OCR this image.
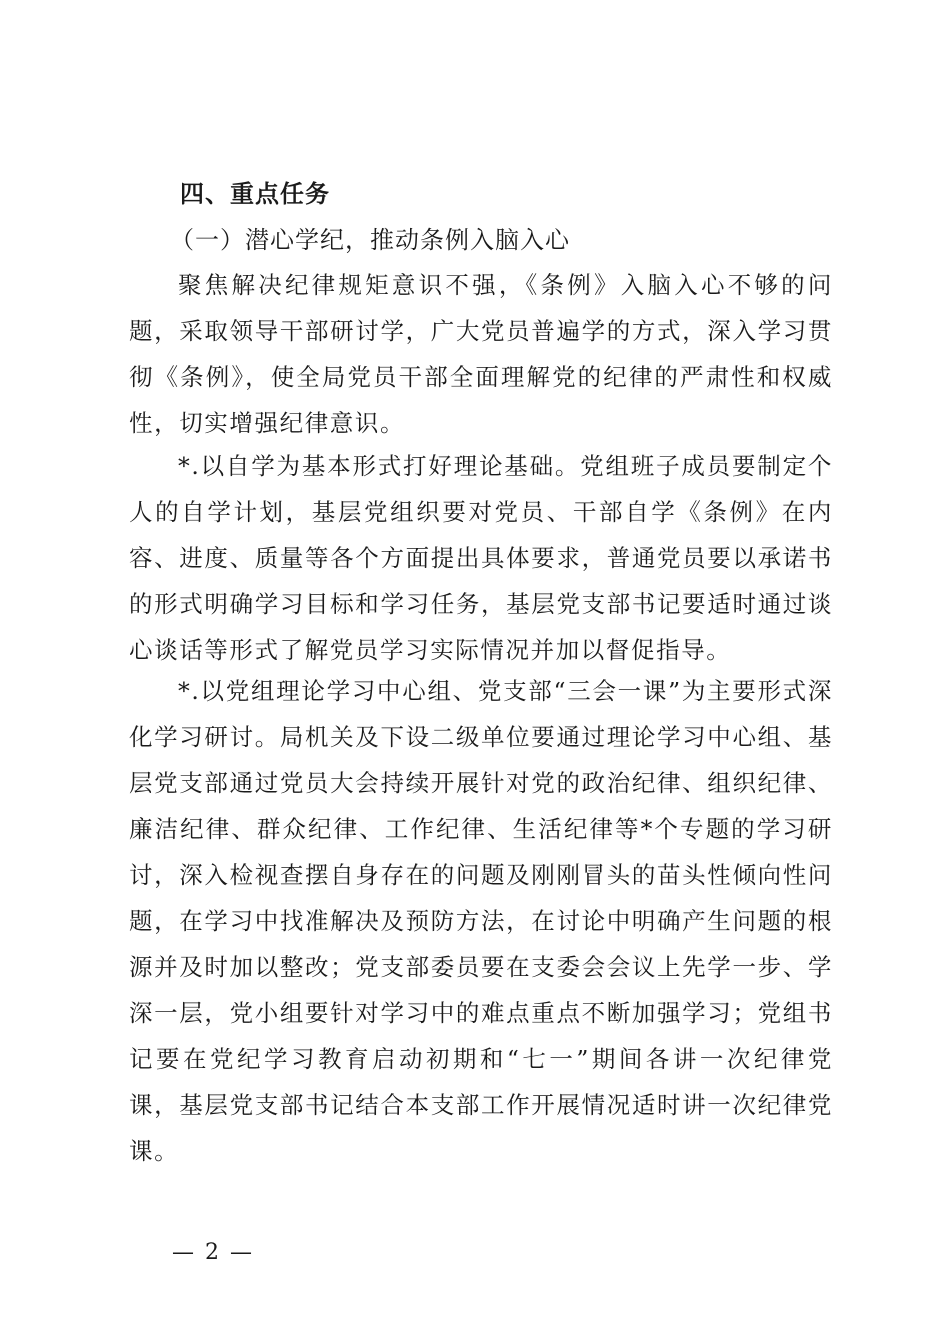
四、重点任务
（一）潜心学纪，推动条例入脑入心

聚焦解决纪律规矩意识不强，《条例》入脑入心不够的问题，采取领导干部研讨学，广大党员普遍学的方式，深入学习贯彻《条例》，使全局党员干部全面理解党的纪律的严肃性和权威性，切实增强纪律意识。

*.以自学为基本形式打好理论基础。党组班子成员要制定个人的自学计划，基层党组织要对党员、干部自学《条例》在内容、进度、质量等各个方面提出具体要求，普通党员要以承诺书的形式明确学习目标和学习任务，基层党支部书记要适时通过谈心谈话等形式了解党员学习实际情况并加以督促指导。

*.以党组理论学习中心组、党支部“三会一课”为主要形式深化学习研讨。局机关及下设二级单位要通过理论学习中心组、基层党支部通过党员大会持续开展针对党的政治纪律、组织纪律、廉洁纪律、群众纪律、工作纪律、生活纪律等*个专题的学习研讨，深入检视查摆自身存在的问题及刚刚冒头的苗头性倾向性问题，在学习中找准解决及预防方法，在讨论中明确产生问题的根源并及时加以整改；党支部委员要在支委会会议上先学一步、学深一层，党小组要针对学习中的难点重点不断加强学习；党组书记要在党纪学习教育启动初期和“七一”期间各讲一次纪律党课，基层党支部书记结合本支部工作开展情况适时讲一次纪律党课。

— 2 —
